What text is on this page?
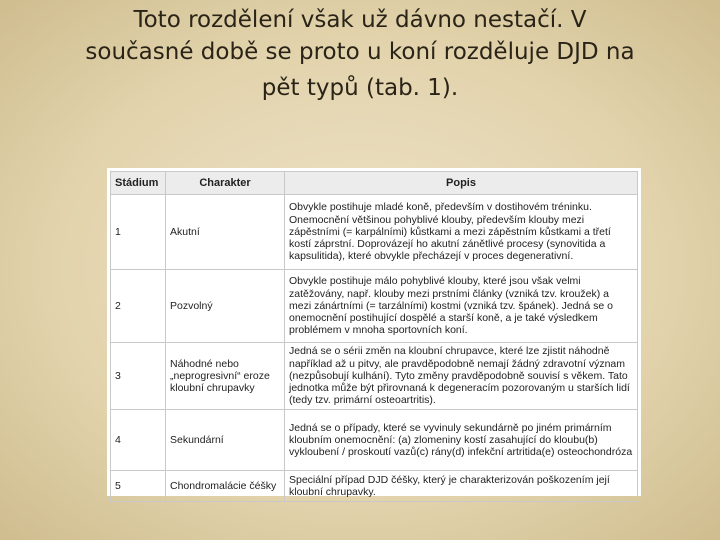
Toto rozdělení však už dávno nestačí. V

současné době se proto u koní rozděluje DJD na

pět typů (tab. 1).

Stádium	Charakter	Popis
1	Akutní	Obvykle postihuje mladé koně, především v dostihovém tréninku. Onemocnění většinou pohyblivé klouby, především klouby mezi zápěstními (= karpálními) kůstkami a mezi zápěstním kůstkami a třetí kostí záprstní. Doprovázejí ho akutní zánětlivé procesy (synovitida a kapsulitida), které obvykle přecházejí v proces degenerativní.
2	Pozvolný	Obvykle postihuje málo pohyblivé klouby, které jsou však velmi zatěžovány, např. klouby mezi prstními články (vzniká tzv. kroužek) a mezi zánártními (= tarzálními) kostmi (vzniká tzv. špánek). Jedná se o onemocnění postihující dospělé a starší koně, a je také výsledkem problémem v mnoha sportovních koní.
3	Náhodné nebo „neprogresivní“ eroze kloubní chrupavky	Jedná se o sérii změn na kloubní chrupavce, které lze zjistit náhodně například až u pitvy, ale pravděpodobně nemají žádný zdravotní význam (nezpůsobují kulhání). Tyto změny pravděpodobně souvisí s věkem. Tato jednotka může být přirovnaná k degeneracím pozorovaným u starších lidí (tedy tzv. primární osteoartritis).
4	Sekundární	Jedná se o případy, které se vyvinuly sekundárně po jiném primárním kloubním onemocnění: (a) zlomeniny kostí zasahující do kloubu(b) vykloubení / proskoutí vazů(c) rány(d) infekční artritida(e) osteochondróza
5	Chondromalácie čéšky	Speciální případ DJD čéšky, který je charakterizován poškozením její kloubní chrupavky.
